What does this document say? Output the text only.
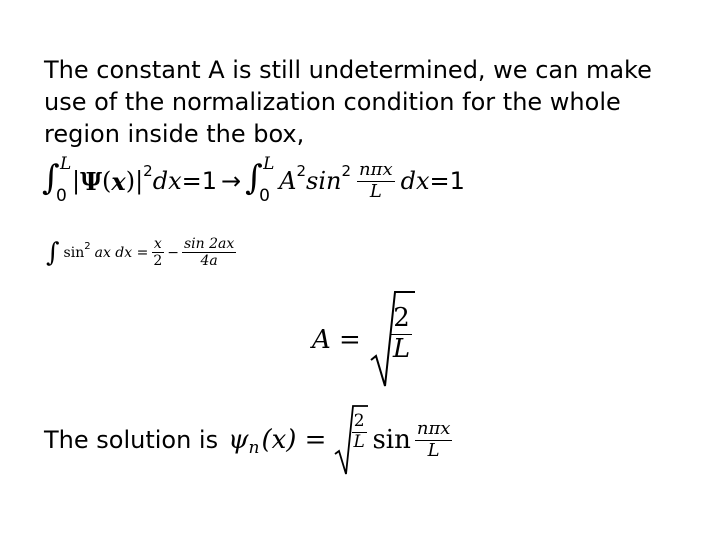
The constant A is still undetermined, we can make
use of the normalization condition for the whole
region inside the box,
∫ L
0
| Ψ ( x ) $|^2$ dx =1 → ∫ L
0
$A^2$ $\sin^2 \frac{\text{nπx}}{L}$ dx =1
∫ $\sin^2$ ax dx = $\frac{x}{2} - \frac{\sin 2ax}{4a}$
$A = \frac{2}{L}$
The solution is $\psi_n$ $(x) = \frac{2}{L}$ $\sin \frac{\text{nπx}}{L}$
